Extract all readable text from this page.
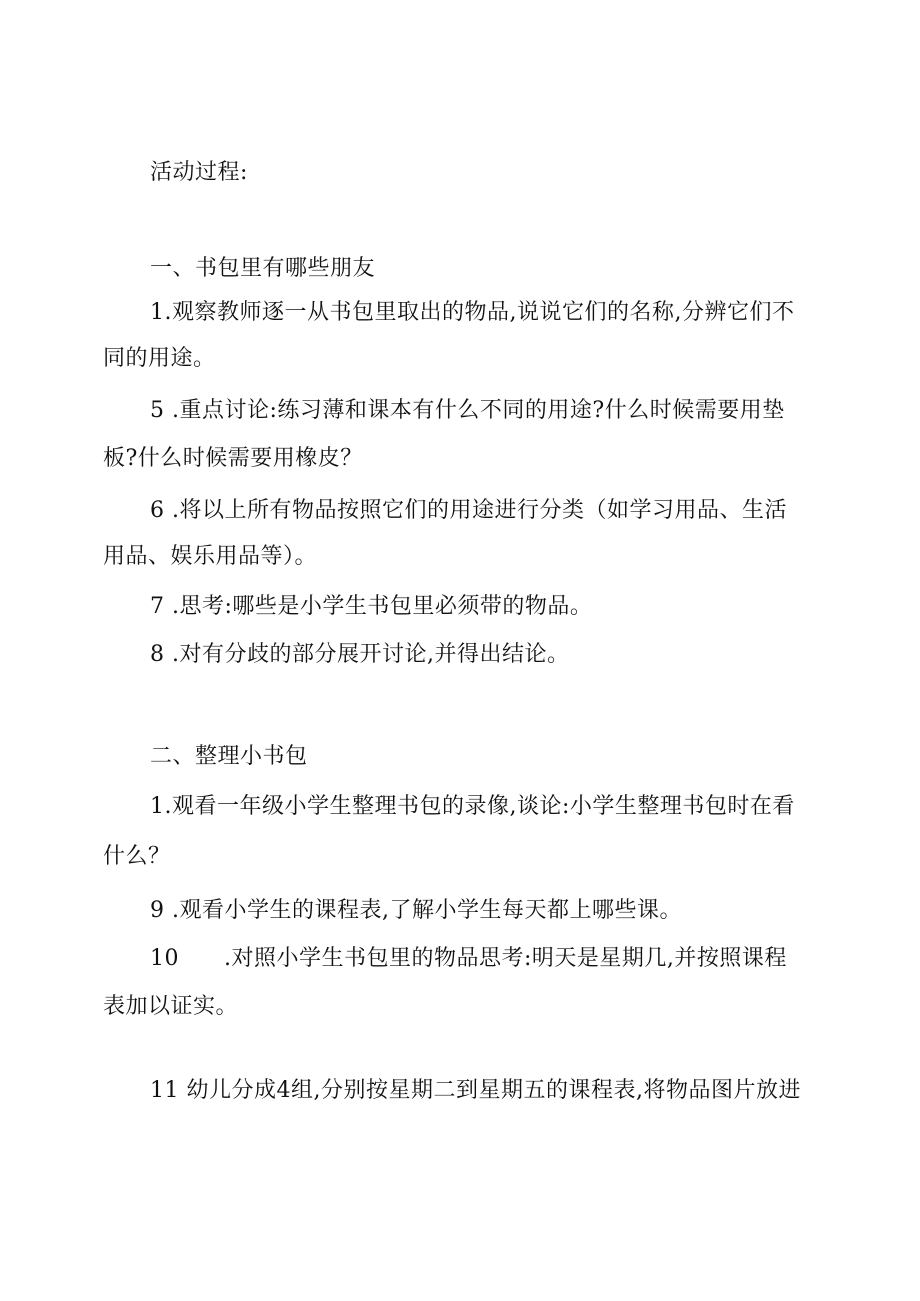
活动过程:
一、书包里有哪些朋友
1.观察教师逐一从书包里取出的物品,说说它们的名称,分辨它们不
同的用途。
5 .重点讨论:练习薄和课本有什么不同的用途?什么时候需要用垫
板?什么时候需要用橡皮？
6 .将以上所有物品按照它们的用途进行分类（如学习用品、生活
用品、娱乐用品等）。
7 .思考:哪些是小学生书包里必须带的物品。
8 .对有分歧的部分展开讨论,并得出结论。
二、整理小书包
1.观看一年级小学生整理书包的录像,谈论:小学生整理书包时在看
什么？
9 .观看小学生的课程表,了解小学生每天都上哪些课。
10　　.对照小学生书包里的物品思考:明天是星期几,并按照课程
表加以证实。
11 幼儿分成4组,分别按星期二到星期五的课程表,将物品图片放进
